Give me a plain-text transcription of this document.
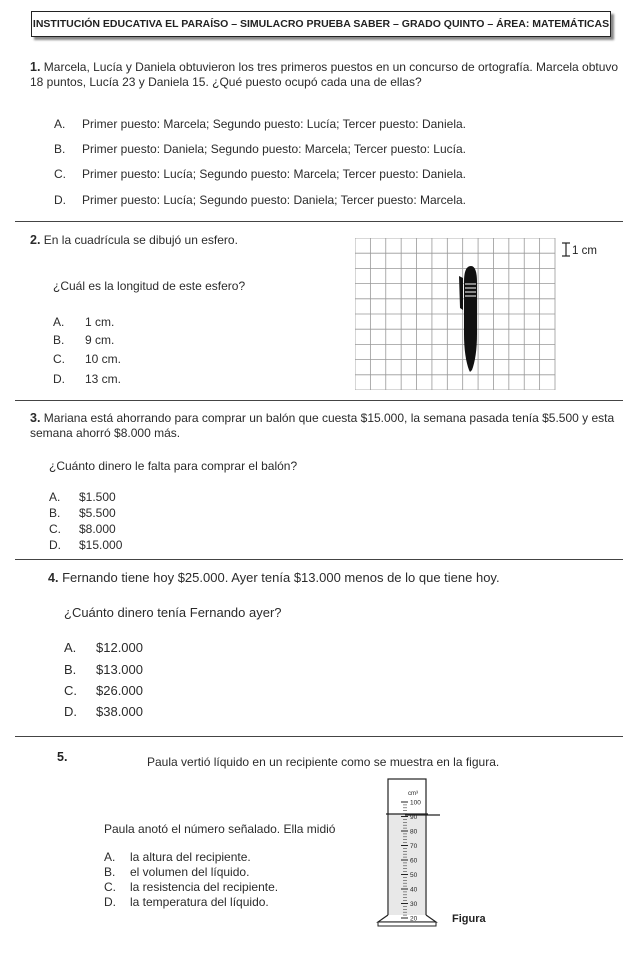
INSTITUCIÓN EDUCATIVA EL PARAÍSO – SIMULACRO PRUEBA SABER – GRADO QUINTO – ÁREA: MATEMÁTICAS
1. Marcela, Lucía y Daniela obtuvieron los tres primeros puestos en un concurso de ortografía. Marcela obtuvo 18 puntos, Lucía 23 y Daniela 15. ¿Qué puesto ocupó cada una de ellas?
A. Primer puesto: Marcela; Segundo puesto: Lucía; Tercer puesto: Daniela.
B. Primer puesto: Daniela; Segundo puesto: Marcela; Tercer puesto: Lucía.
C. Primer puesto: Lucía; Segundo puesto: Marcela; Tercer puesto: Daniela.
D. Primer puesto: Lucía; Segundo puesto: Daniela; Tercer puesto: Marcela.
2. En la cuadrícula se dibujó un esfero.
¿Cuál es la longitud de este esfero?
A. 1 cm.
B. 9 cm.
C. 10 cm.
D. 13 cm.
1 cm
3. Mariana está ahorrando para comprar un balón que cuesta $15.000, la semana pasada tenía $5.500 y esta semana ahorró $8.000 más.
¿Cuánto dinero le falta para comprar el balón?
A. $1.500
B. $5.500
C. $8.000
D. $15.000
4. Fernando tiene hoy $25.000. Ayer tenía $13.000 menos de lo que tiene hoy.
¿Cuánto dinero tenía Fernando ayer?
A. $12.000
B. $13.000
C. $26.000
D. $38.000
5.	Paula vertió líquido en un recipiente como se muestra en la figura.
Paula anotó el número señalado. Ella midió
A. la altura del recipiente.
B. el volumen del líquido.
C. la resistencia del recipiente.
D. la temperatura del líquido.
100
90
80
70
60
50
40
30
20
cm³
Figura
